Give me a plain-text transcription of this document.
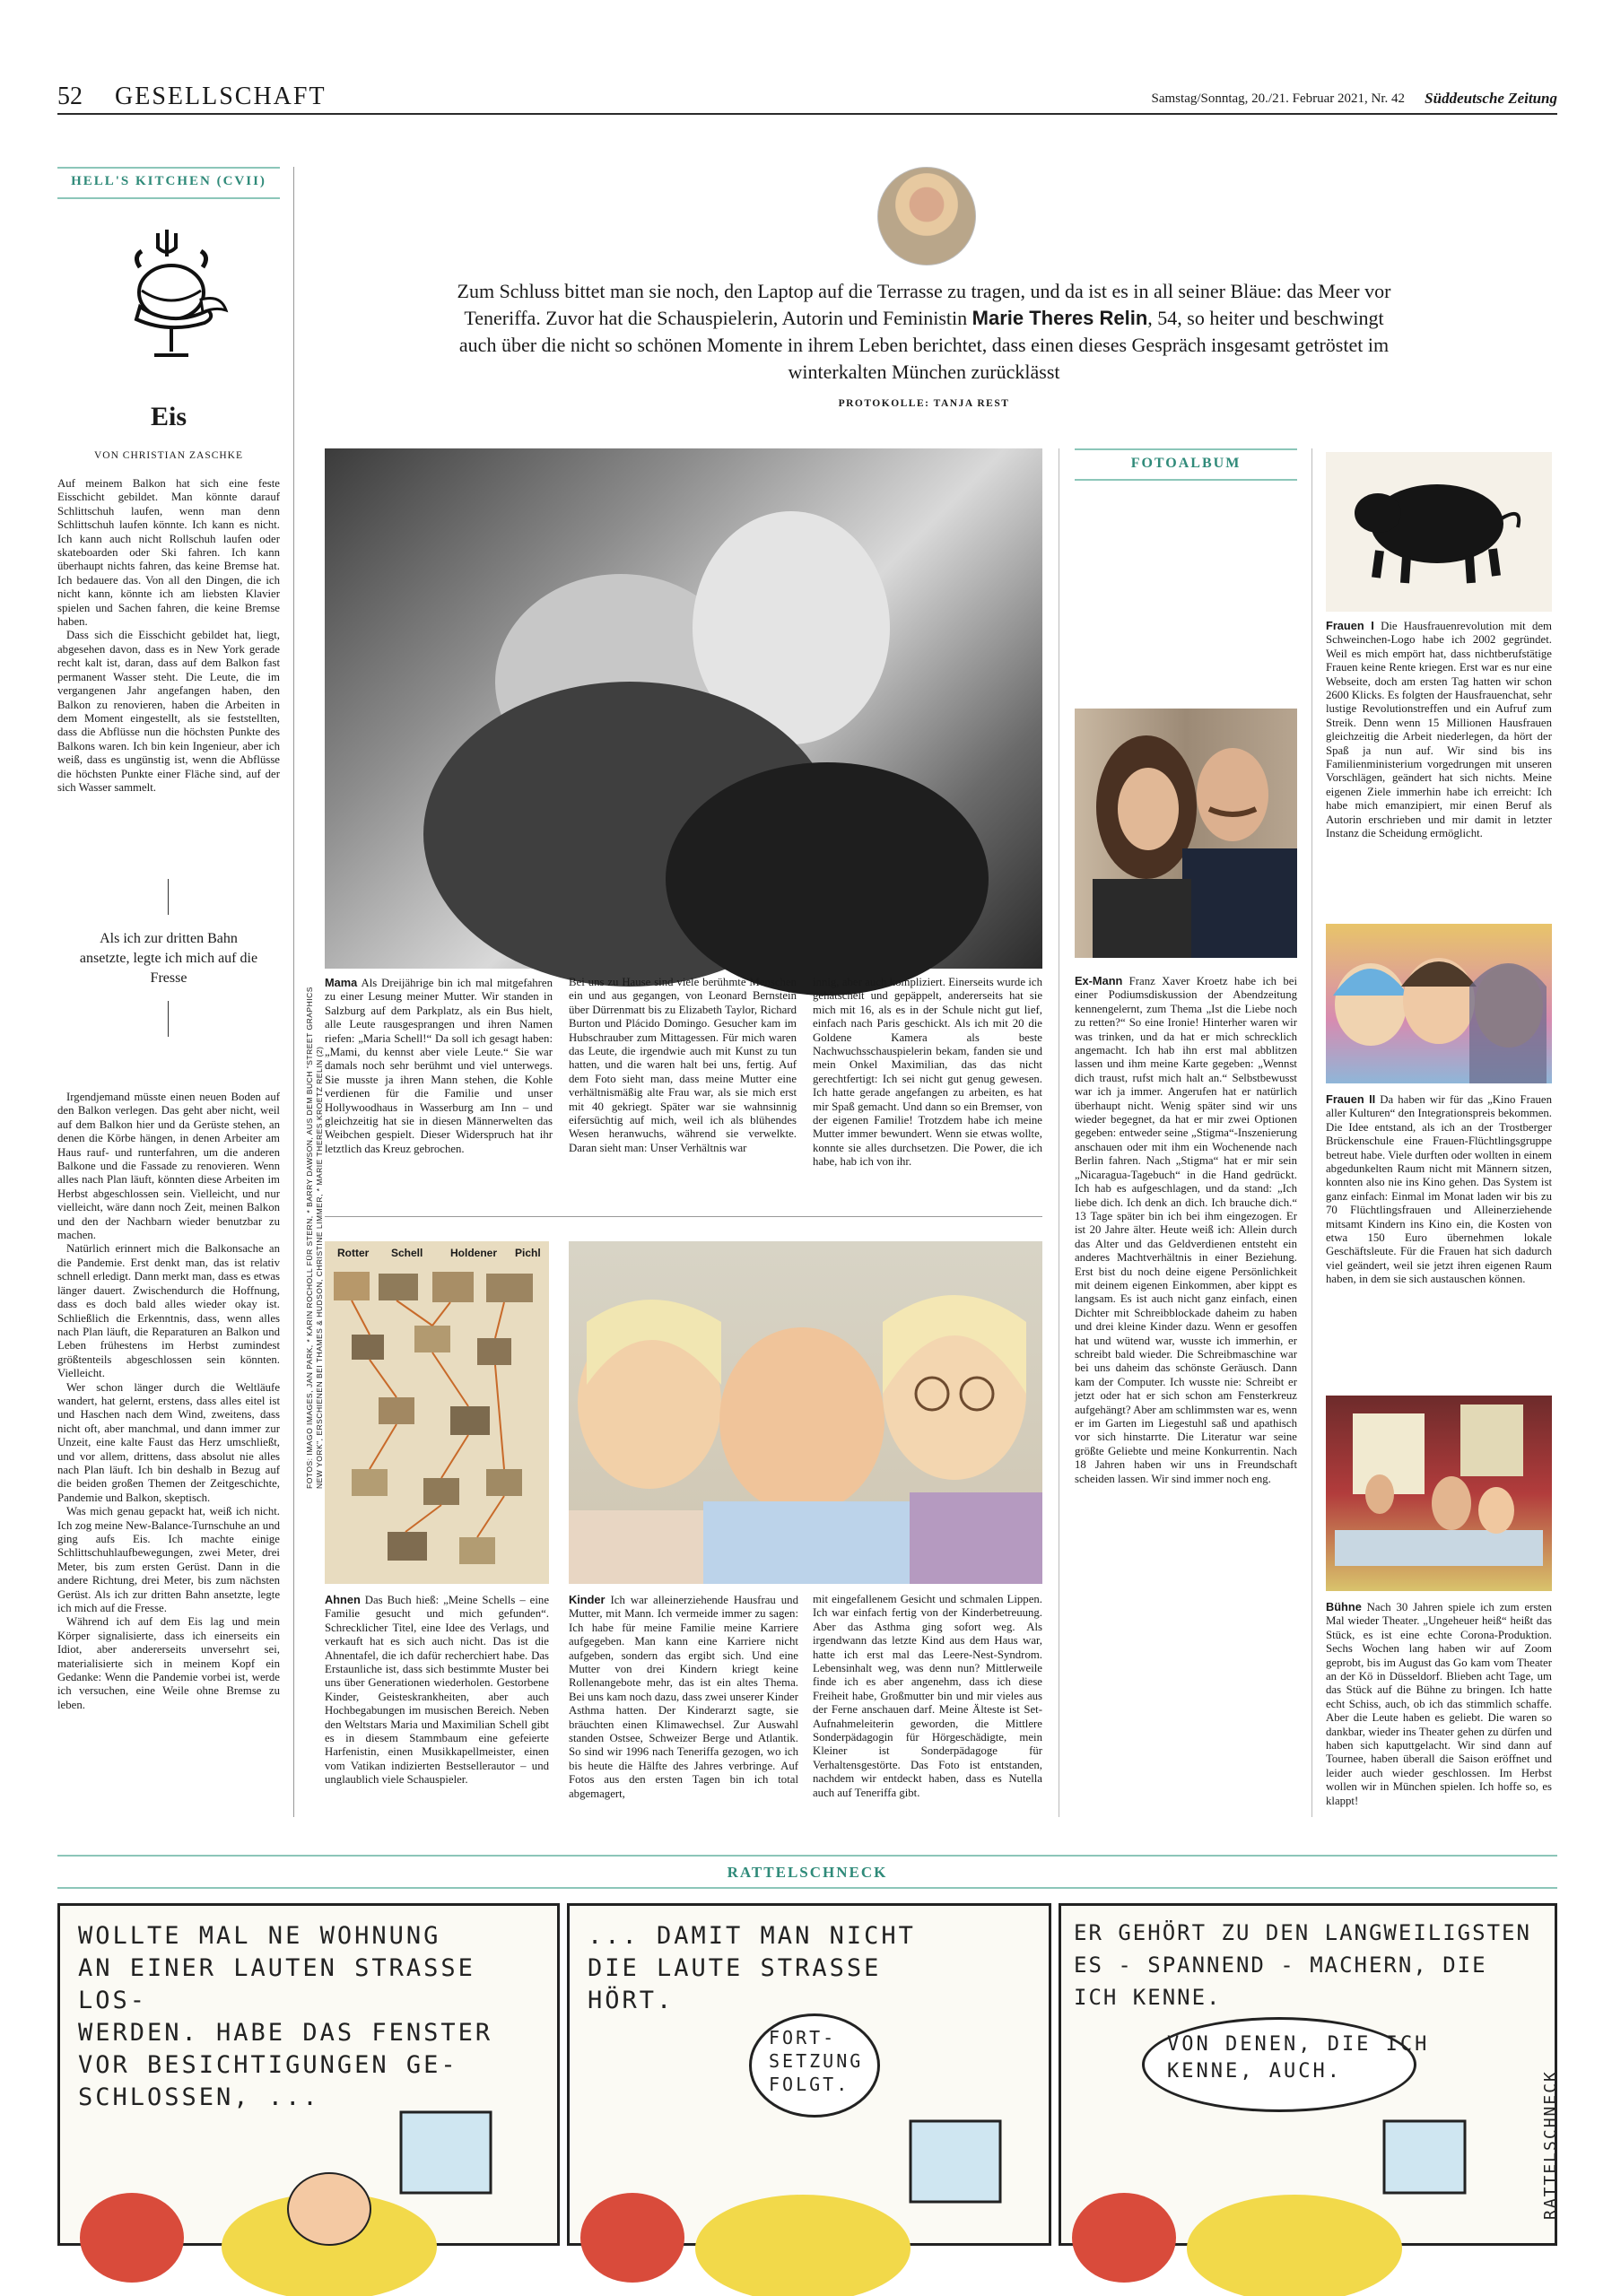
52 GESELLSCHAFT	Samstag/Sonntag, 20./21. Februar 2021, Nr. 42 Süddeutsche Zeitung
HELL'S KITCHEN (CVII)
Eis
VON CHRISTIAN ZASCHKE

Auf meinem Balkon hat sich eine feste Eisschicht gebildet. Man könnte darauf Schlittschuh laufen, wenn man denn Schlittschuh laufen könnte. Ich kann es nicht. Ich kann auch nicht Rollschuh laufen oder skateboarden oder Ski fahren. Ich kann überhaupt nichts fahren, das keine Bremse hat. Ich bedauere das. Von all den Dingen, die ich nicht kann, könnte ich am liebsten Klavier spielen und Sachen fahren, die keine Bremse haben.

Dass sich die Eisschicht gebildet hat, liegt, abgesehen davon, dass es in New York gerade recht kalt ist, daran, dass auf dem Balkon fast permanent Wasser steht. Die Leute, die im vergangenen Jahr angefangen haben, den Balkon zu renovieren, haben die Arbeiten in dem Moment eingestellt, als sie feststellten, dass die Abflüsse nun die höchsten Punkte des Balkons waren. Ich bin kein Ingenieur, aber ich weiß, dass es ungünstig ist, wenn die Abflüsse die höchsten Punkte einer Fläche sind, auf der sich Wasser sammelt.

Als ich zur dritten Bahn ansetzte, legte ich mich auf die Fresse

Irgendjemand müsste einen neuen Boden auf den Balkon verlegen. Das geht aber nicht, weil auf dem Balkon hier und da Gerüste stehen, an denen die Körbe hängen, in denen Arbeiter am Haus rauf- und runterfahren, um die anderen Balkone und die Fassade zu renovieren. Wenn alles nach Plan läuft, könnten diese Arbeiten im Herbst abgeschlossen sein. Vielleicht, und nur vielleicht, wäre dann noch Zeit, meinen Balkon und den der Nachbarn wieder benutzbar zu machen.

Natürlich erinnert mich die Balkonsache an die Pandemie. Erst denkt man, das ist relativ schnell erledigt. Dann merkt man, dass es etwas länger dauert. Zwischendurch die Hoffnung, dass es doch bald alles wieder okay ist. Schließlich die Erkenntnis, dass, wenn alles nach Plan läuft, die Reparaturen an Balkon und Leben frühestens im Herbst zumindest größtenteils abgeschlossen sein könnten. Vielleicht.

Wer schon länger durch die Weltläufe wandert, hat gelernt, erstens, dass alles eitel ist und Haschen nach dem Wind, zweitens, dass nicht oft, aber manchmal, und dann immer zur Unzeit, eine kalte Faust das Herz umschließt, und vor allem, drittens, dass absolut nie alles nach Plan läuft. Ich bin deshalb in Bezug auf die beiden großen Themen der Zeitgeschichte, Pandemie und Balkon, skeptisch.

Was mich genau gepackt hat, weiß ich nicht. Ich zog meine New-Balance-Turnschuhe an und ging aufs Eis. Ich machte einige Schlittschuhlaufbewegungen, zwei Meter, drei Meter, bis zum ersten Gerüst. Dann in die andere Richtung, drei Meter, bis zum nächsten Gerüst. Als ich zur dritten Bahn ansetzte, legte ich mich auf die Fresse.

Während ich auf dem Eis lag und mein Körper signalisierte, dass ich einerseits ein Idiot, aber andererseits unversehrt sei, materialisierte sich in meinem Kopf ein Gedanke: Wenn die Pandemie vorbei ist, werde ich versuchen, eine Weile ohne Bremse zu leben.

Zum Schluss bittet man sie noch, den Laptop auf die Terrasse zu tragen, und da ist es in all seiner Bläue: das Meer vor Teneriffa. Zuvor hat die Schauspielerin, Autorin und Feministin Marie Theres Relin, 54, so heiter und beschwingt auch über die nicht so schönen Momente in ihrem Leben berichtet, dass einen dieses Gespräch insgesamt getröstet im winterkalten München zurücklässt
PROTOKOLLE: TANJA REST
FOTOS: IMAGO IMAGES, JAN PARK, * KARIN ROCHOLL FÜR STERN, * BARRY DAWSON, AUS DEM BUCH "STREET GRAPHICS NEW YORK", ERSCHIENEN BEI THAMES & HUDSON, CHRISTINE LIMMER, * MARIE THERES KROETZ RELIN (2)
Mama Als Dreijährige bin ich mal mitgefahren zu einer Lesung meiner Mutter. Wir standen in Salzburg auf dem Parkplatz, als ein Bus hielt, alle Leute rausgesprangen und ihren Namen riefen: „Maria Schell!“ Da soll ich gesagt haben: „Mami, du kennst aber viele Leute.“ Sie war damals noch sehr berühmt und viel unterwegs. Sie musste ja ihren Mann stehen, die Kohle verdienen für die Familie und unser Hollywoodhaus in Wasserburg am Inn – und gleichzeitig hat sie in diesen Männerwelten das Weibchen gespielt. Dieser Widerspruch hat ihr letztlich das Kreuz gebrochen.
Bei uns zu Hause sind viele berühmte Menschen ein und aus gegangen, von Leonard Bernstein über Dürrenmatt bis zu Elizabeth Taylor, Richard Burton und Plácido Domingo. Gesucher kam im Hubschrauber zum Mittagessen. Für mich waren das Leute, die irgendwie auch mit Kunst zu tun hatten, und die waren halt bei uns, fertig. Auf dem Foto sieht man, dass meine Mutter eine verhältnismäßig alte Frau war, als sie mich erst mit 40 gekriegt. Später war sie wahnsinnig eifersüchtig auf mich, weil ich als blühendes Wesen heranwuchs, während sie verwelkte. Daran sieht man: Unser Verhältnis war
innig, aber auch kompliziert. Einerseits wurde ich gehätschelt und gepäppelt, andererseits hat sie mich mit 16, als es in der Schule nicht gut lief, einfach nach Paris geschickt. Als ich mit 20 die Goldene Kamera als beste Nachwuchsschauspielerin bekam, fanden sie und mein Onkel Maximilian, das das nicht gerechtfertigt: Ich sei nicht gut genug gewesen. Ich hatte gerade angefangen zu arbeiten, es hat mir Spaß gemacht. Und dann so ein Bremser, von der eigenen Familie! Trotzdem habe ich meine Mutter immer bewundert. Wenn sie etwas wollte, konnte sie alles durchsetzen. Die Power, die ich habe, hab ich von ihr.
Rotter Schell	Holdener Pichl
Ahnen Das Buch hieß: „Meine Schells – eine Familie gesucht und mich gefunden“. Schrecklicher Titel, eine Idee des Verlags, und verkauft hat es sich auch nicht. Das ist die Ahnentafel, die ich dafür recherchiert habe. Das Erstaunliche ist, dass sich bestimmte Muster bei uns über Generationen wiederholen. Gestorbene Kinder, Geisteskrankheiten, aber auch Hochbegabungen im musischen Bereich. Neben den Weltstars Maria und Maximilian Schell gibt es in diesem Stammbaum eine gefeierte Harfenistin, einen Musikkapellmeister, einen vom Vatikan indizierten Bestsellerautor – und unglaublich viele Schauspieler.
Kinder Ich war alleinerziehende Hausfrau und Mutter, mit Mann. Ich vermeide immer zu sagen: Ich habe für meine Familie meine Karriere aufgegeben. Man kann eine Karriere nicht aufgeben, sondern das ergibt sich. Und eine Mutter von drei Kindern kriegt keine Rollenangebote mehr, das ist ein altes Thema. Bei uns kam noch dazu, dass zwei unserer Kinder Asthma hatten. Der Kinderarzt sagte, sie bräuchten einen Klimawechsel. Zur Auswahl standen Ostsee, Schweizer Berge und Atlantik. So sind wir 1996 nach Teneriffa gezogen, wo ich bis heute die Hälfte des Jahres verbringe. Auf Fotos aus den ersten Tagen bin ich total abgemagert,
mit eingefallenem Gesicht und schmalen Lippen. Ich war einfach fertig von der Kinderbetreuung. Aber das Asthma ging sofort weg. Als irgendwann das letzte Kind aus dem Haus war, hatte ich erst mal das Leere-Nest-Syndrom. Lebensinhalt weg, was denn nun? Mittlerweile finde ich es aber angenehm, dass ich diese Freiheit habe, Großmutter bin und mir vieles aus der Ferne anschauen darf. Meine Älteste ist Set-Aufnahmeleiterin geworden, die Mittlere Sonderpädagogin für Hörgeschädigte, mein Kleiner ist Sonderpädagoge für Verhaltensgestörte. Das Foto ist entstanden, nachdem wir entdeckt haben, dass es Nutella auch auf Teneriffa gibt.
FOTOALBUM
Ex-Mann Franz Xaver Kroetz habe ich bei einer Podiumsdiskussion der Abendzeitung kennengelernt, zum Thema „Ist die Liebe noch zu retten?“ So eine Ironie! Hinterher waren wir was trinken, und da hat er mich schrecklich angemacht. Ich hab ihn erst mal abblitzen lassen und ihm meine Karte gegeben: „Wennst dich traust, rufst mich halt an.“ Selbstbewusst war ich ja immer. Angerufen hat er natürlich überhaupt nicht. Wenig später sind wir uns wieder begegnet, da hat er mir zwei Optionen gegeben: entweder seine „Stigma“-Inszenierung anschauen oder mit ihm ein Wochenende nach Berlin fahren. Nach „Stigma“ hat er mir sein „Nicaragua-Tagebuch“ in die Hand gedrückt. Ich hab es aufgeschlagen, und da stand: „Ich liebe dich. Ich denk an dich. Ich brauche dich.“ 13 Tage später bin ich bei ihm eingezogen. Er ist 20 Jahre älter. Heute weiß ich: Allein durch das Alter und das Geldverdienen entsteht ein anderes Machtverhältnis in einer Beziehung. Erst bist du noch deine eigene Persönlichkeit mit deinem eigenen Einkommen, aber kippt es langsam. Es ist auch nicht ganz einfach, einen Dichter mit Schreibblockade daheim zu haben und drei kleine Kinder dazu. Wenn er gesoffen hat und wütend war, wusste ich immerhin, er schreibt bald wieder. Die Schreibmaschine war bei uns daheim das schönste Geräusch. Dann kam der Computer. Ich wusste nie: Schreibt er jetzt oder hat er sich schon am Fensterkreuz aufgehängt? Aber am schlimmsten war es, wenn er im Garten im Liegestuhl saß und apathisch vor sich hinstarrte. Die Literatur war seine größte Geliebte und meine Konkurrentin. Nach 18 Jahren haben wir uns in Freundschaft scheiden lassen. Wir sind immer noch eng.
Frauen I Die Hausfrauenrevolution mit dem Schweinchen-Logo habe ich 2002 gegründet. Weil es mich empört hat, dass nichtberufstätige Frauen keine Rente kriegen. Erst war es nur eine Webseite, doch am ersten Tag hatten wir schon 2600 Klicks. Es folgten der Hausfrauenchat, sehr lustige Revolutionstreffen und ein Aufruf zum Streik. Denn wenn 15 Millionen Hausfrauen gleichzeitig die Arbeit niederlegen, da hört der Spaß ja nun auf. Wir sind bis ins Familienministerium vorgedrungen mit unseren Vorschlägen, geändert hat sich nichts. Meine eigenen Ziele immerhin habe ich erreicht: Ich habe mich emanzipiert, mir einen Beruf als Autorin erschrieben und mir damit in letzter Instanz die Scheidung ermöglicht.
Frauen II Da haben wir für das „Kino Frauen aller Kulturen“ den Integrationspreis bekommen. Die Idee entstand, als ich an der Trostberger Brückenschule eine Frauen-Flüchtlingsgruppe betreut habe. Viele durften oder wollten in einem abgedunkelten Raum nicht mit Männern sitzen, konnten also nie ins Kino gehen. Das System ist ganz einfach: Einmal im Monat laden wir bis zu 70 Flüchtlingsfrauen und Alleinerziehende mitsamt Kindern ins Kino ein, die Kosten von etwa 150 Euro übernehmen lokale Geschäftsleute. Für die Frauen hat sich dadurch viel geändert, weil sie jetzt ihren eigenen Raum haben, in dem sie sich austauschen können.
Bühne Nach 30 Jahren spiele ich zum ersten Mal wieder Theater. „Ungeheuer heiß“ heißt das Stück, es ist eine echte Corona-Produktion. Sechs Wochen lang haben wir auf Zoom geprobt, bis im August das Go kam vom Theater an der Kö in Düsseldorf. Blieben acht Tage, um das Stück auf die Bühne zu bringen. Ich hatte echt Schiss, auch, ob ich das stimmlich schaffe. Aber die Leute haben es geliebt. Die waren so dankbar, wieder ins Theater gehen zu dürfen und haben sich kaputtgelacht. Wir sind dann auf Tournee, haben überall die Saison eröffnet und leider auch wieder geschlossen. Im Herbst wollen wir in München spielen. Ich hoffe so, es klappt!
RATTELSCHNECK
WOLLTE MAL NE WOHNUNG
AN EINER LAUTEN STRASSE LOS-
WERDEN. HABE DAS FENSTER
VOR BESICHTIGUNGEN GE-
SCHLOSSEN, ...
... DAMIT MAN NICHT
DIE LAUTE STRASSE
HÖRT.
FORT-
SETZUNG
FOLGT.
ER GEHÖRT ZU DEN LANGWEILIGSTEN
ES - SPANNEND - MACHERN, DIE
ICH KENNE.
VON DENEN, DIE ICH
KENNE, AUCH.	RATTELSCHNECK
